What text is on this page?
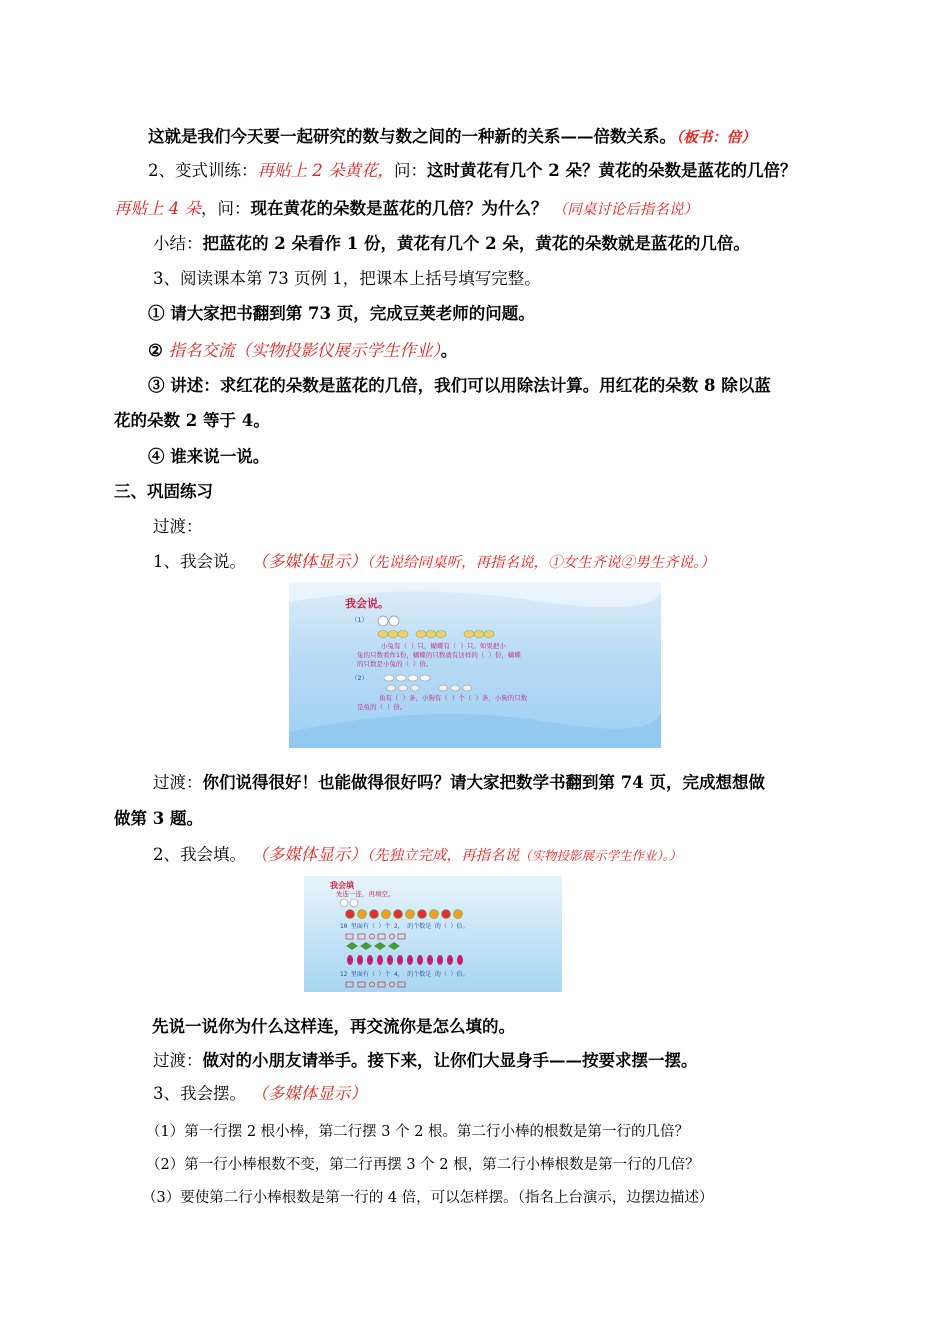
这就是我们今天要一起研究的数与数之间的一种新的关系——倍数关系。（板书：倍）
2、变式训练：再贴上 2 朵黄花，问：这时黄花有几个 2 朵？黄花的朵数是蓝花的几倍？
再贴上 4 朵，问：现在黄花的朵数是蓝花的几倍？为什么？ （同桌讨论后指名说）
小结：把蓝花的 2 朵看作 1 份，黄花有几个 2 朵，黄花的朵数就是蓝花的几倍。
3、阅读课本第 73 页例 1，把课本上括号填写完整。
① 请大家把书翻到第 73 页，完成豆荚老师的问题。
② 指名交流（实物投影仪展示学生作业）。
③ 讲述：求红花的朵数是蓝花的几倍，我们可以用除法计算。用红花的朵数 8 除以蓝
花的朵数 2 等于 4。
④ 谁来说一说。
三、巩固练习
过渡：
1、我会说。 （多媒体显示）（先说给同桌听，再指名说，①女生齐说②男生齐说。）
我会说。
（1）
小兔有（ ）只，蝴蝶有（ ）只。如果把小
兔的只数看作1份，蝴蝶的只数就有这样的（ ）份，蝴蝶
的只数是小兔的（ ）倍。
（2）
鱼有（ ）条，小狗有（ ）个（ ）条，小狗的只数
是鱼的（ ）倍。
过渡：你们说得很好！也能做得很好吗？请大家把数学书翻到第 74 页，完成想想做
做第 3 题。
2、我会填。 （多媒体显示）（先独立完成，再指名说（实物投影展示学生作业）。）
我会填
先连一连，再填空。
10 里面有（ ）个 2， 的个数是 的（ ）倍。
12 里面有（ ）个 4， 的个数是 的（ ）倍。
先说一说你为什么这样连，再交流你是怎么填的。
过渡：做对的小朋友请举手。接下来，让你们大显身手——按要求摆一摆。
3、我会摆。 （多媒体显示）
（1）第一行摆 2 根小棒，第二行摆 3 个 2 根。第二行小棒的根数是第一行的几倍？
（2）第一行小棒根数不变，第二行再摆 3 个 2 根，第二行小棒根数是第一行的几倍？
（3）要使第二行小棒根数是第一行的 4 倍，可以怎样摆。（指名上台演示，边摆边描述）
